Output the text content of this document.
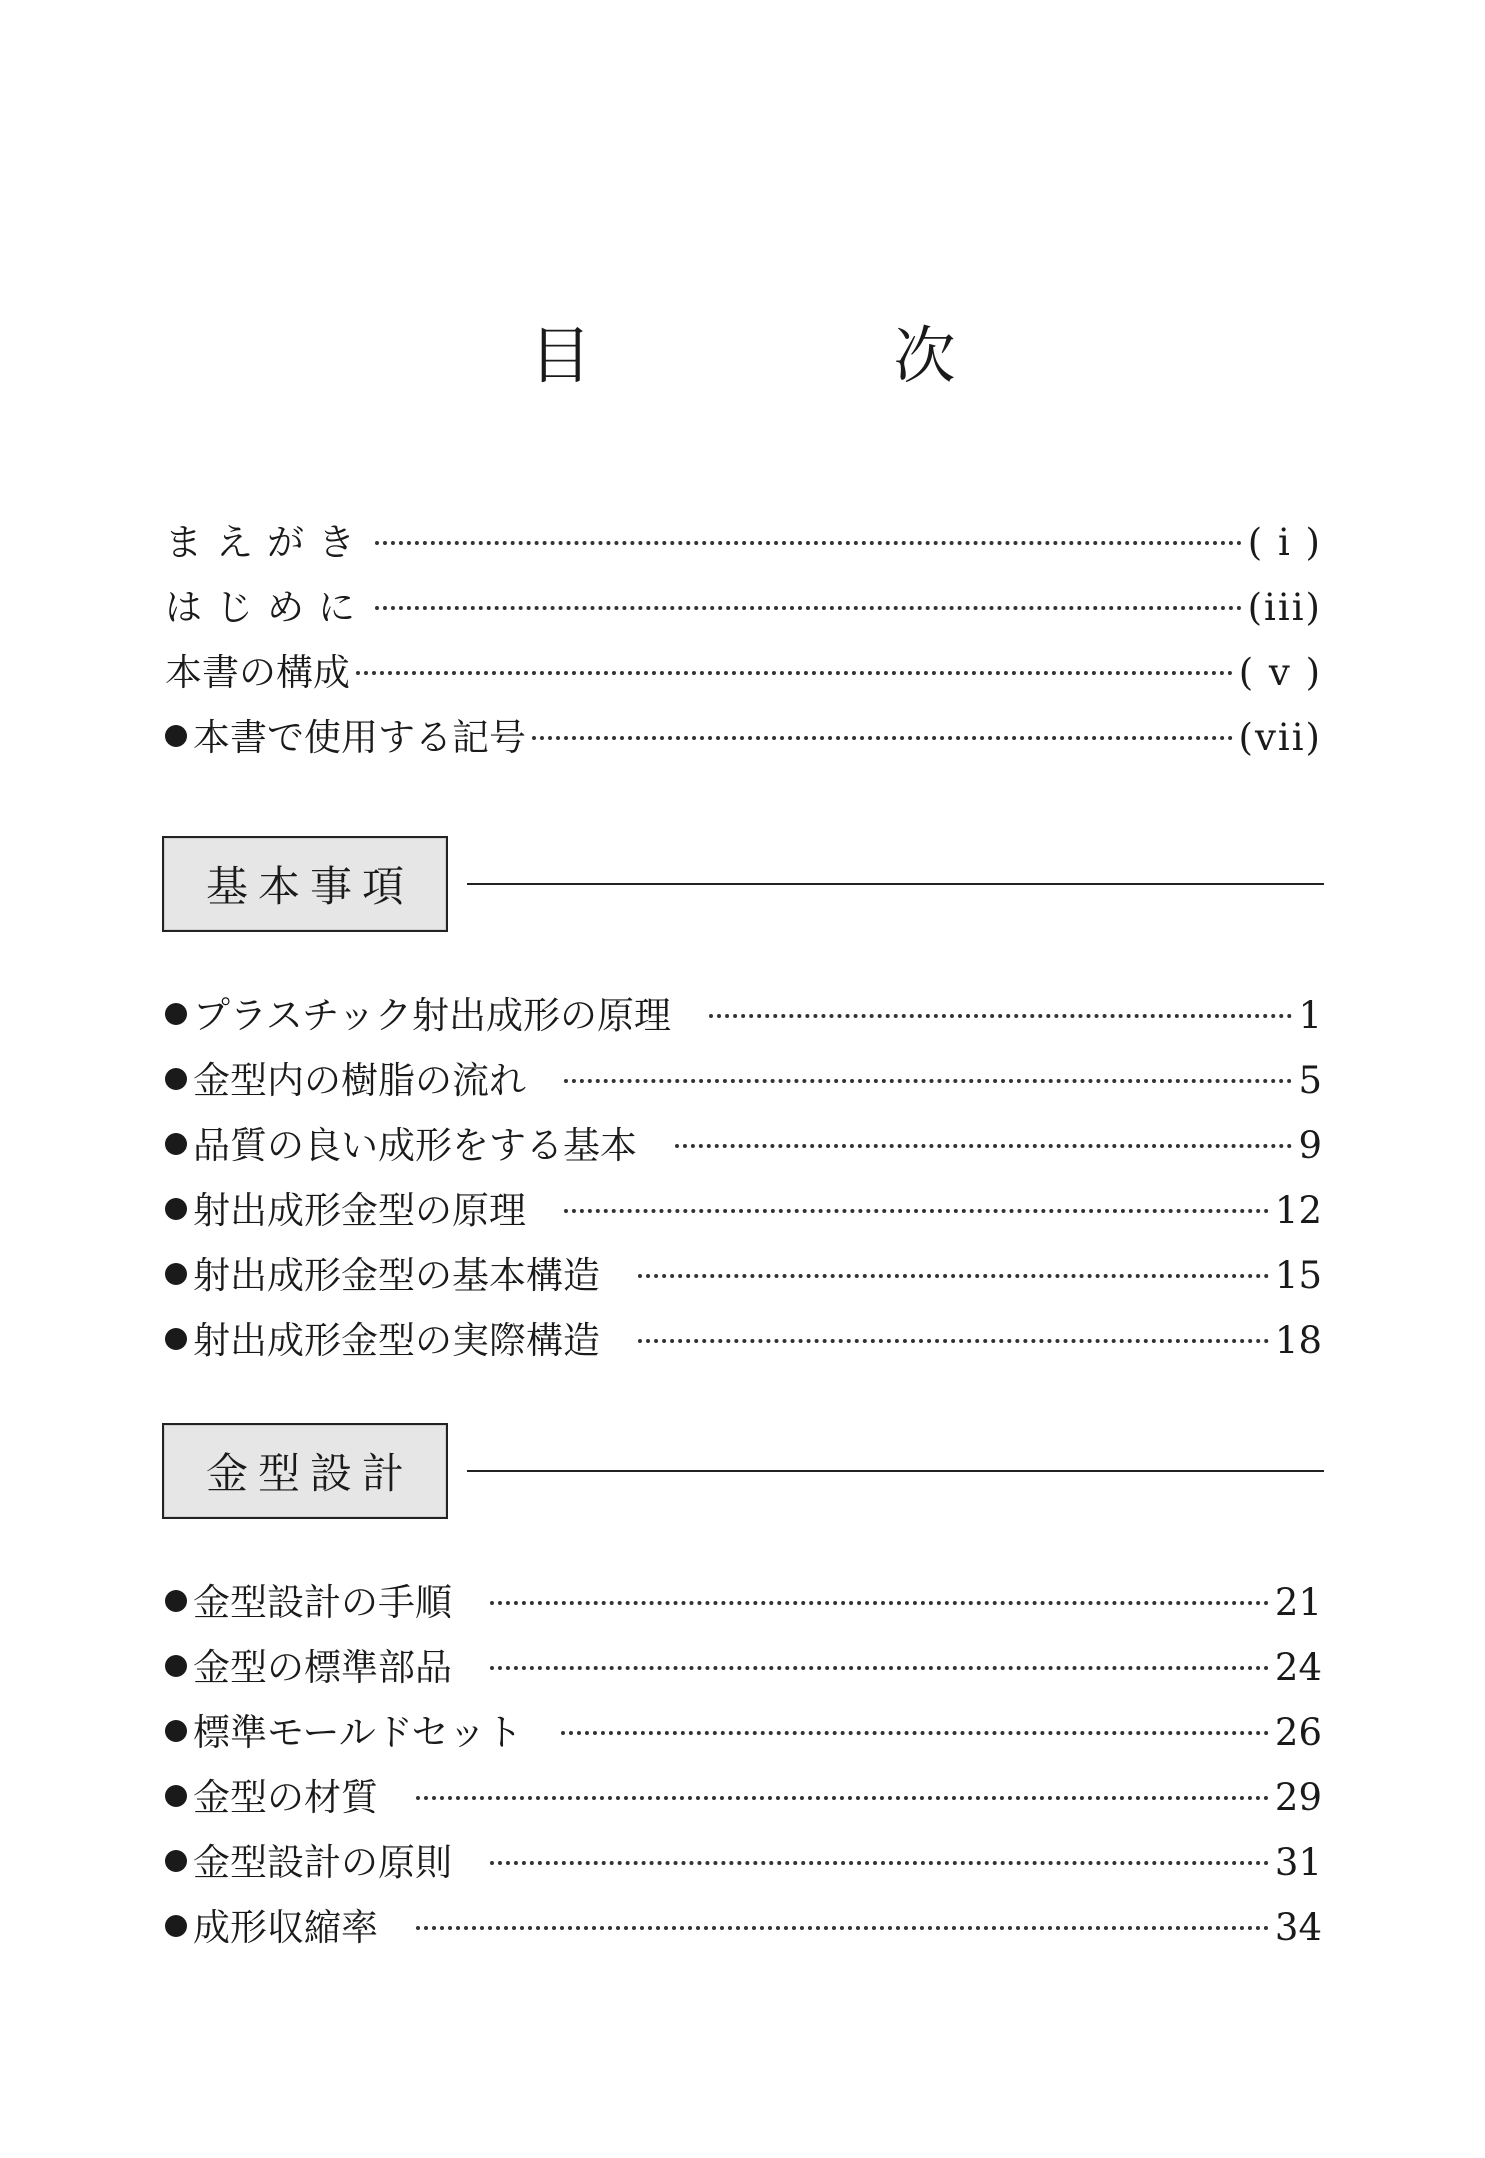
目　次
まえがき	( i )
はじめに	(iii)
本書の構成	( v )
本書で使用する記号	(vii)
基本事項
プラスチック射出成形の原理	1
金型内の樹脂の流れ	5
品質の良い成形をする基本	9
射出成形金型の原理	12
射出成形金型の基本構造	15
射出成形金型の実際構造	18
金型設計
金型設計の手順	21
金型の標準部品	24
標準モールドセット	26
金型の材質	29
金型設計の原則	31
成形収縮率	34
